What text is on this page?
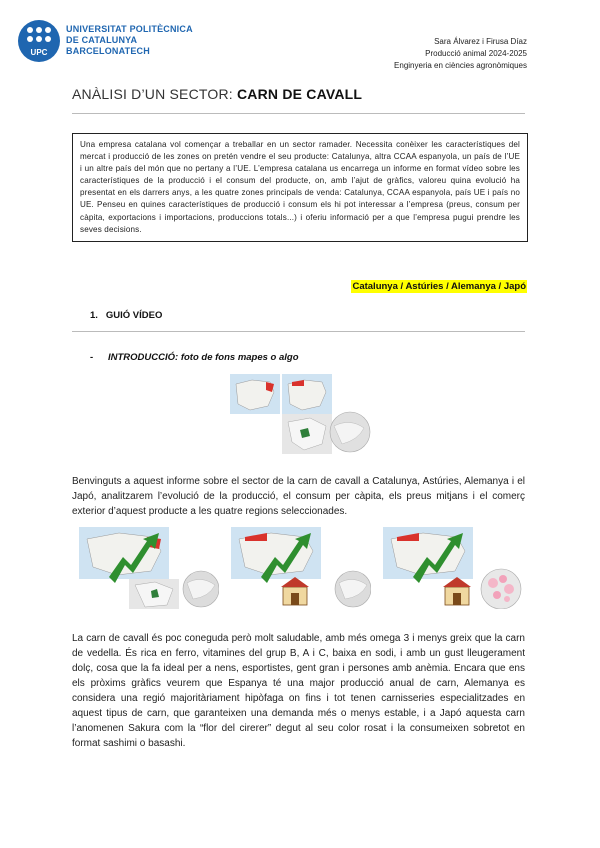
UPC
UNIVERSITAT POLITÈCNICA
DE CATALUNYA
BARCELONATECH
Sara Álvarez i Firusa Díaz
Producció animal 2024-2025
Enginyeria en ciències agronòmiques
ANÀLISI D’UN SECTOR: CARN DE CAVALL
Una empresa catalana vol començar a treballar en un sector ramader. Necessita conèixer les característiques del mercat i producció de les zones on pretén vendre el seu producte: Catalunya, altra CCAA espanyola, un país de l’UE i un altre país del món que no pertany a l’UE. L’empresa catalana us encarrega un informe en format vídeo sobre les característiques de la producció i el consum del producte, on, amb l’ajut de gràfics, valoreu quina evolució ha presentat en els darrers anys, a les quatre zones principals de venda: Catalunya, CCAA espanyola, país UE i país no UE. Penseu en quines característiques de producció i consum els hi pot interessar a l’empresa (preus, consum per càpita, exportacions i importacions, produccions totals...) i oferiu informació per a que l’empresa pugui prendre les seves decisions.
Catalunya / Astúries / Alemanya / Japó
1. GUIÓ VÍDEO
- INTRODUCCIÓ: foto de fons mapes o algo
Benvinguts a aquest informe sobre el sector de la carn de cavall a Catalunya, Astúries, Alemanya i el Japó, analitzarem l’evolució de la producció, el consum per càpita, els preus mitjans i el comerç exterior d’aquest producte a les quatre regions seleccionades.
La carn de cavall és poc coneguda però molt saludable, amb més omega 3 i menys greix que la carn de vedella. És rica en ferro, vitamines del grup B, A i C, baixa en sodi, i amb un gust lleugerament dolç, cosa que la fa ideal per a nens, esportistes, gent gran i persones amb anèmia. Encara que ens els pròxims gràfics veurem que Espanya té una major producció anual de carn, Alemanya es considera una regió majoritàriament hipòfaga on fins i tot tenen carnisseries especialitzades en aquest tipus de carn, que garanteixen una demanda més o menys estable, i a Japó aquesta carn l’anomenen Sakura com la “flor del cirerer” degut al seu color rosat i la consumeixen sobretot en format sashimi o basashi.
